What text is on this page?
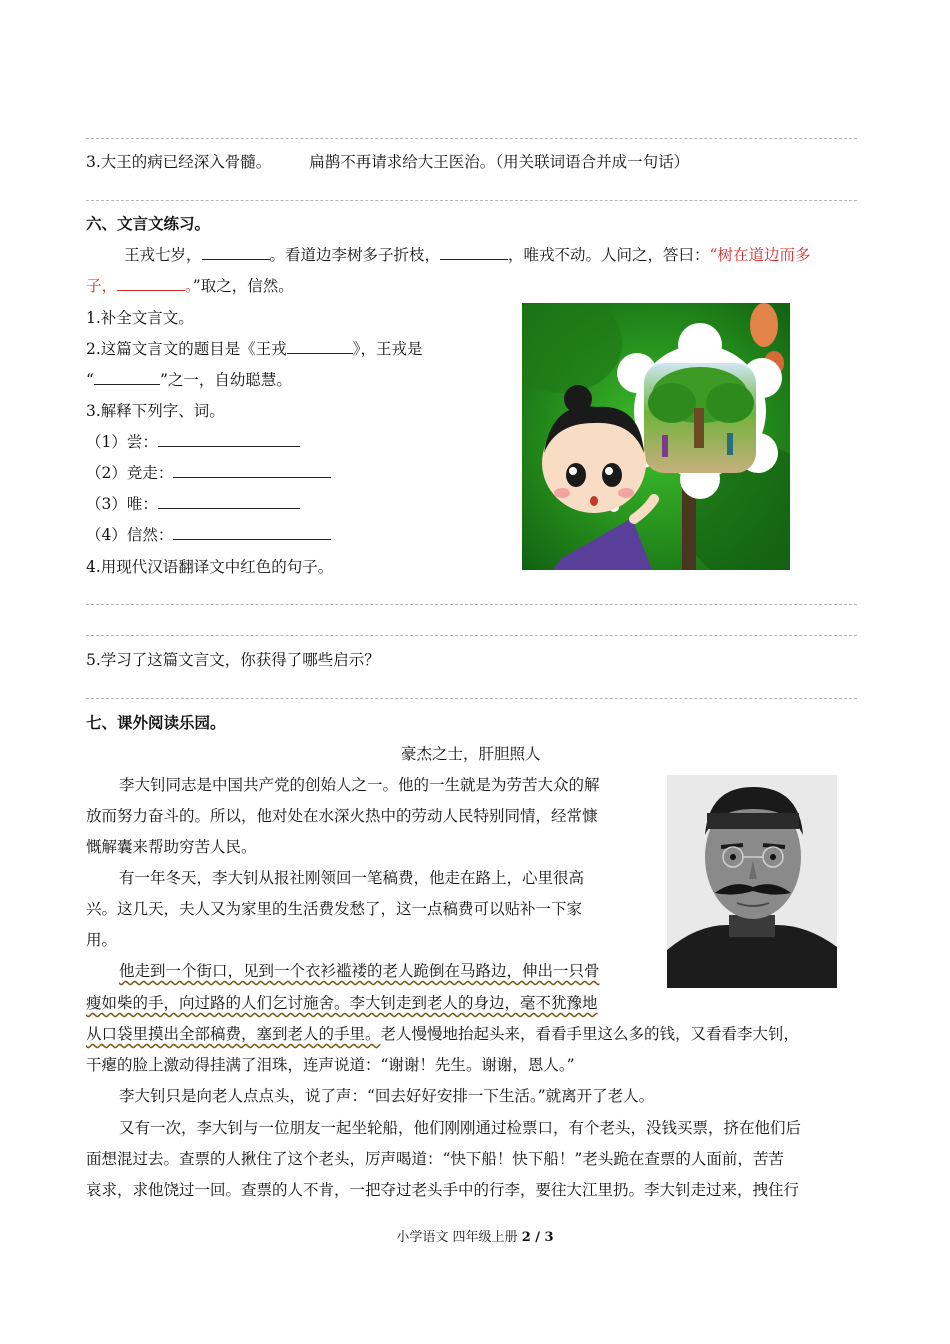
3.大王的病已经深入骨髓。 扁鹊不再请求给大王医治。（用关联词语合并成一句话）
六、文言文练习。
王戎七岁，	。看道边李树多子折枝，	，唯戎不动。人问之，答曰：“树在道边而多
子，	。”取之，信然。
1.补全文言文。
2.这篇文言文的题目是《王戎	》，王戎是
“	”之一，自幼聪慧。
3.解释下列字、词。
（1）尝：
（2）竞走：
（3）唯：
（4）信然：
4.用现代汉语翻译文中红色的句子。
5.学习了这篇文言文，你获得了哪些启示？
七、课外阅读乐园。
豪杰之士，肝胆照人
李大钊同志是中国共产党的创始人之一。他的一生就是为劳苦大众的解
放而努力奋斗的。所以，他对处在水深火热中的劳动人民特别同情，经常慷
慨解囊来帮助穷苦人民。
有一年冬天，李大钊从报社刚领回一笔稿费，他走在路上，心里很高
兴。这几天，夫人又为家里的生活费发愁了，这一点稿费可以贴补一下家
用。
他走到一个街口，见到一个衣衫褴褛的老人跪倒在马路边，伸出一只骨
瘦如柴的手，向过路的人们乞讨施舍。李大钊走到老人的身边，毫不犹豫地
从口袋里摸出全部稿费，塞到老人的手里。老人慢慢地抬起头来，看看手里这么多的钱，又看看李大钊，
干瘪的脸上激动得挂满了泪珠，连声说道：“谢谢！先生。谢谢，恩人。”
李大钊只是向老人点点头，说了声：“回去好好安排一下生活。”就离开了老人。
又有一次，李大钊与一位朋友一起坐轮船，他们刚刚通过检票口，有个老头，没钱买票，挤在他们后
面想混过去。查票的人揪住了这个老头，厉声喝道：“快下船！快下船！”老头跪在查票的人面前，苦苦
哀求，求他饶过一回。查票的人不肯，一把夺过老头手中的行李，要往大江里扔。李大钊走过来，拽住行
小学语文 四年级上册 2 / 3
